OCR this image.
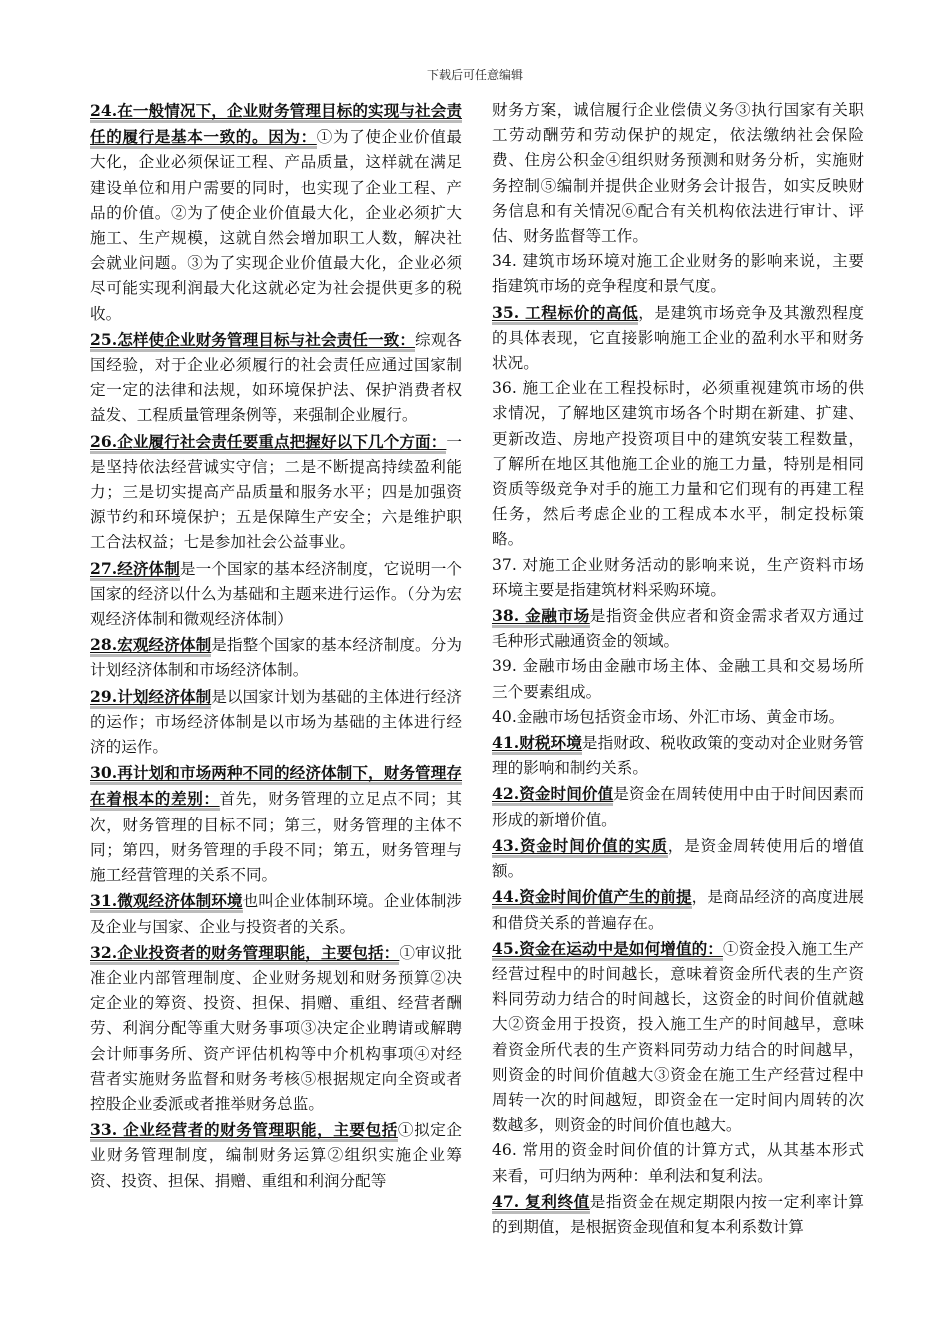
下载后可任意编辑

24.在一般情况下，企业财务管理目标的实现与社会责任的履行是基本一致的。因为：①为了使企业价值最大化，企业必须保证工程、产品质量，这样就在满足建设单位和用户需要的同时，也实现了企业工程、产品的价值。②为了使企业价值最大化，企业必须扩大施工、生产规模，这就自然会增加职工人数，解决社会就业问题。③为了实现企业价值最大化，企业必须尽可能实现利润最大化这就必定为社会提供更多的税收。

25.怎样使企业财务管理目标与社会责任一致：综观各国经验，对于企业必须履行的社会责任应通过国家制定一定的法律和法规，如环境保护法、保护消费者权益发、工程质量管理条例等，来强制企业履行。

26.企业履行社会责任要重点把握好以下几个方面：一是坚持依法经营诚实守信；二是不断提高持续盈利能力；三是切实提高产品质量和服务水平；四是加强资源节约和环境保护；五是保障生产安全；六是维护职工合法权益；七是参加社会公益事业。

27.经济体制是一个国家的基本经济制度，它说明一个国家的经济以什么为基础和主题来进行运作。（分为宏观经济体制和微观经济体制）

28.宏观经济体制是指整个国家的基本经济制度。分为计划经济体制和市场经济体制。

29.计划经济体制是以国家计划为基础的主体进行经济的运作；市场经济体制是以市场为基础的主体进行经济的运作。

30.再计划和市场两种不同的经济体制下，财务管理存在着根本的差别：首先，财务管理的立足点不同；其次，财务管理的目标不同；第三，财务管理的主体不同；第四，财务管理的手段不同；第五，财务管理与施工经营管理的关系不同。

31.微观经济体制环境也叫企业体制环境。企业体制涉及企业与国家、企业与投资者的关系。

32.企业投资者的财务管理职能，主要包括：①审议批准企业内部管理制度、企业财务规划和财务预算②决定企业的筹资、投资、担保、捐赠、重组、经营者酬劳、利润分配等重大财务事项③决定企业聘请或解聘会计师事务所、资产评估机构等中介机构事项④对经营者实施财务监督和财务考核⑤根据规定向全资或者控股企业委派或者推举财务总监。

33. 企业经营者的财务管理职能，主要包括①拟定企业财务管理制度，编制财务运算②组织实施企业筹资、投资、担保、捐赠、重组和利润分配等

财务方案，诚信履行企业偿债义务③执行国家有关职工劳动酬劳和劳动保护的规定，依法缴纳社会保险费、住房公积金④组织财务预测和财务分析，实施财务控制⑤编制并提供企业财务会计报告，如实反映财务信息和有关情况⑥配合有关机构依法进行审计、评估、财务监督等工作。

34. 建筑市场环境对施工企业财务的影响来说，主要指建筑市场的竞争程度和景气度。

35. 工程标价的高低，是建筑市场竞争及其激烈程度的具体表现，它直接影响施工企业的盈利水平和财务状况。

36. 施工企业在工程投标时，必须重视建筑市场的供求情况，了解地区建筑市场各个时期在新建、扩建、更新改造、房地产投资项目中的建筑安装工程数量，了解所在地区其他施工企业的施工力量，特别是相同资质等级竞争对手的施工力量和它们现有的再建工程任务，然后考虑企业的工程成本水平，制定投标策略。

37. 对施工企业财务活动的影响来说，生产资料市场环境主要是指建筑材料采购环境。

38. 金融市场是指资金供应者和资金需求者双方通过毛种形式融通资金的领域。

39. 金融市场由金融市场主体、金融工具和交易场所三个要素组成。

40.金融市场包括资金市场、外汇市场、黄金市场。

41.财税环境是指财政、税收政策的变动对企业财务管理的影响和制约关系。

42.资金时间价值是资金在周转使用中由于时间因素而形成的新增价值。

43.资金时间价值的实质，是资金周转使用后的增值额。

44.资金时间价值产生的前提，是商品经济的高度进展和借贷关系的普遍存在。

45.资金在运动中是如何增值的：①资金投入施工生产经营过程中的时间越长，意味着资金所代表的生产资料同劳动力结合的时间越长，这资金的时间价值就越大②资金用于投资，投入施工生产的时间越早，意味着资金所代表的生产资料同劳动力结合的时间越早，则资金的时间价值越大③资金在施工生产经营过程中周转一次的时间越短，即资金在一定时间内周转的次数越多，则资金的时间价值也越大。

46. 常用的资金时间价值的计算方式，从其基本形式来看，可归纳为两种：单利法和复利法。

47. 复利终值是指资金在规定期限内按一定利率计算的到期值，是根据资金现值和复本利系数计算
